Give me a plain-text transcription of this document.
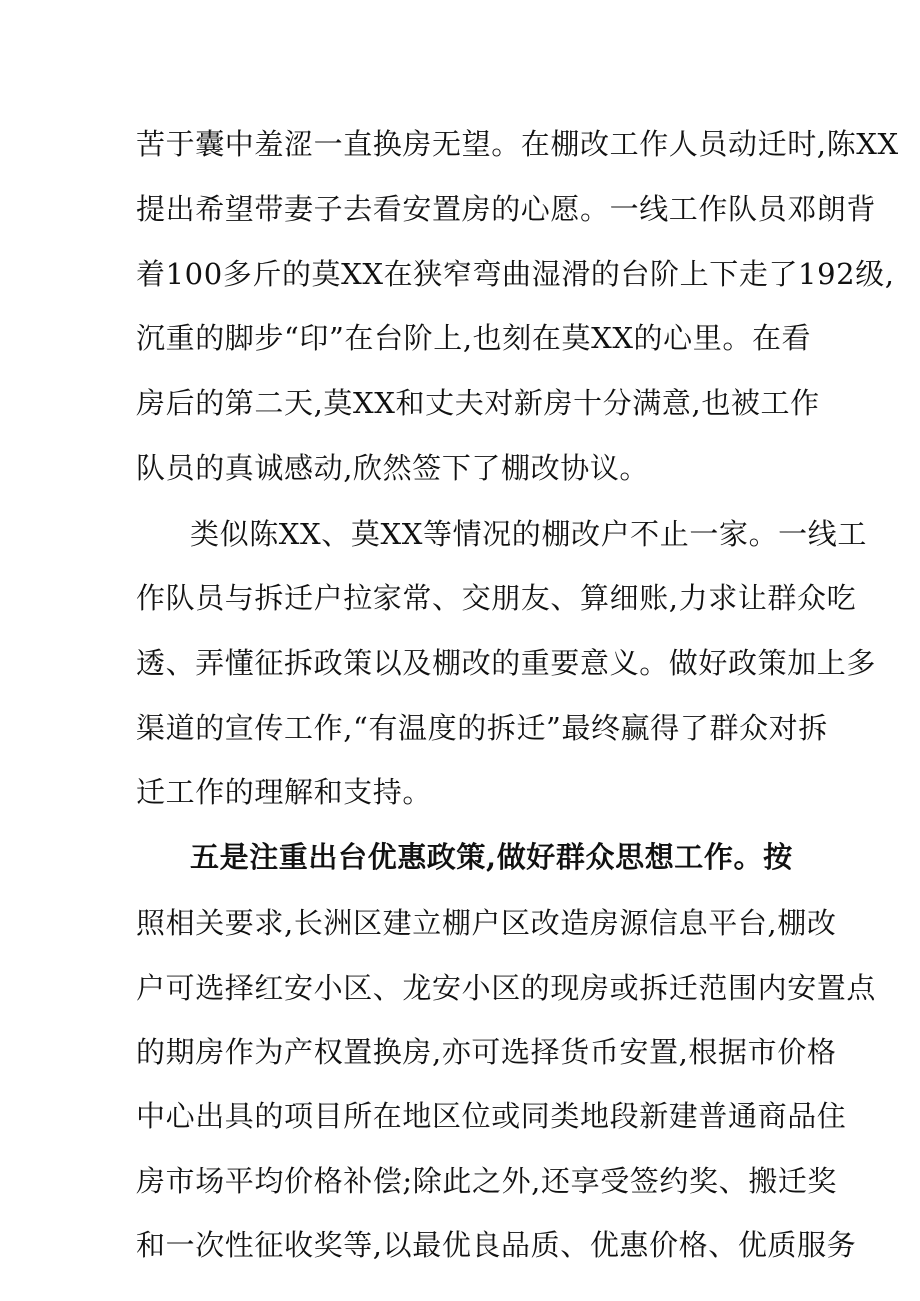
苦于囊中羞涩一直换房无望。在棚改工作人员动迁时,陈XX
提出希望带妻子去看安置房的心愿。一线工作队员邓朗背
着100多斤的莫XX在狭窄弯曲湿滑的台阶上下走了192级,
沉重的脚步“印”在台阶上,也刻在莫XX的心里。在看
房后的第二天,莫XX和丈夫对新房十分满意,也被工作
队员的真诚感动,欣然签下了棚改协议。
类似陈XX、莫XX等情况的棚改户不止一家。一线工
作队员与拆迁户拉家常、交朋友、算细账,力求让群众吃
透、弄懂征拆政策以及棚改的重要意义。做好政策加上多
渠道的宣传工作,“有温度的拆迁”最终赢得了群众对拆
迁工作的理解和支持。
五是注重出台优惠政策,做好群众思想工作。按
照相关要求,长洲区建立棚户区改造房源信息平台,棚改
户可选择红安小区、龙安小区的现房或拆迁范围内安置点
的期房作为产权置换房,亦可选择货币安置,根据市价格
中心出具的项目所在地区位或同类地段新建普通商品住
房市场平均价格补偿;除此之外,还享受签约奖、搬迁奖
和一次性征收奖等,以最优良品质、优惠价格、优质服务
